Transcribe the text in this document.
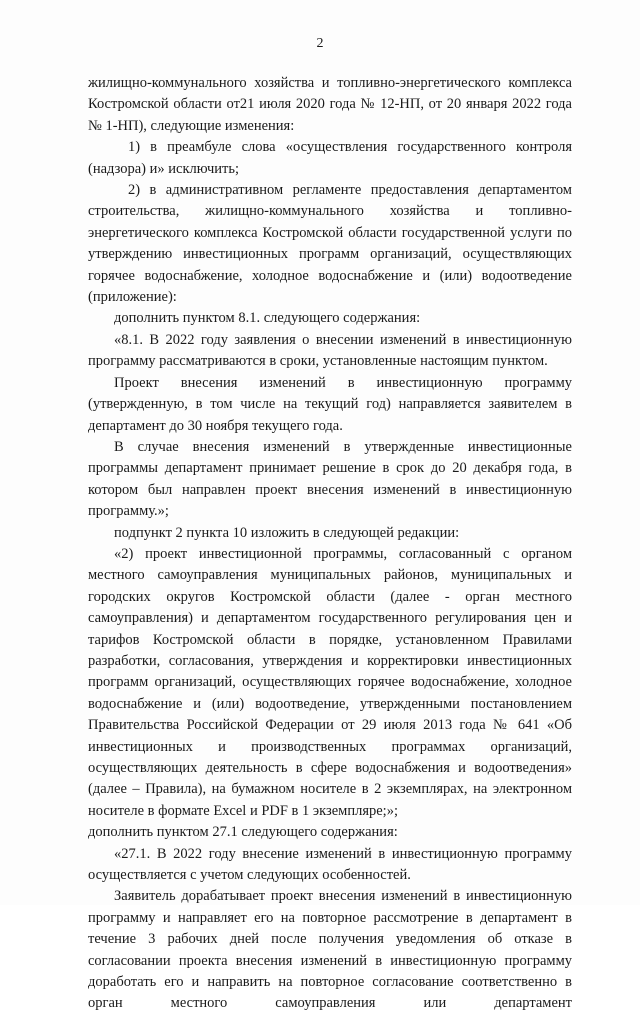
2

жилищно-коммунального хозяйства и топливно-энергетического комплекса Костромской области от21 июля 2020 года № 12-НП, от 20 января 2022 года № 1-НП), следующие изменения:

1) в преамбуле слова «осуществления государственного контроля (надзора) и» исключить;

2) в административном регламенте предоставления департаментом строительства, жилищно-коммунального хозяйства и топливно-энергетического комплекса Костромской области государственной услуги по утверждению инвестиционных программ организаций, осуществляющих горячее водоснабжение, холодное водоснабжение и (или) водоотведение (приложение):

дополнить пунктом 8.1. следующего содержания:

«8.1. В 2022 году заявления о внесении изменений в инвестиционную программу рассматриваются в сроки, установленные настоящим пунктом.

Проект внесения изменений в инвестиционную программу (утвержденную, в том числе на текущий год) направляется заявителем в департамент до 30 ноября текущего года.

В случае внесения изменений в утвержденные инвестиционные программы департамент принимает решение в срок до 20 декабря года, в котором был направлен проект внесения изменений в инвестиционную программу.»;

подпункт 2 пункта 10 изложить в следующей редакции:

«2) проект инвестиционной программы, согласованный с органом местного самоуправления муниципальных районов, муниципальных и городских округов Костромской области (далее - орган местного самоуправления) и департаментом государственного регулирования цен и тарифов Костромской области в порядке, установленном Правилами разработки, согласования, утверждения и корректировки инвестиционных программ организаций, осуществляющих горячее водоснабжение, холодное водоснабжение и (или) водоотведение, утвержденными постановлением Правительства Российской Федерации от 29 июля 2013 года № 641 «Об инвестиционных и производственных программах организаций, осуществляющих деятельность в сфере водоснабжения и водоотведения» (далее – Правила), на бумажном носителе в 2 экземплярах, на электронном носителе в формате Excel и PDF в 1 экземпляре;»;

дополнить пунктом 27.1 следующего содержания:

«27.1. В 2022 году внесение изменений в инвестиционную программу осуществляется с учетом следующих особенностей.

Заявитель дорабатывает проект внесения изменений в инвестиционную программу и направляет его на повторное рассмотрение в департамент в течение 3 рабочих дней после получения уведомления об отказе в согласовании проекта внесения изменений в инвестиционную программу доработать его и направить на повторное согласование соответственно в орган местного самоуправления или департамент
